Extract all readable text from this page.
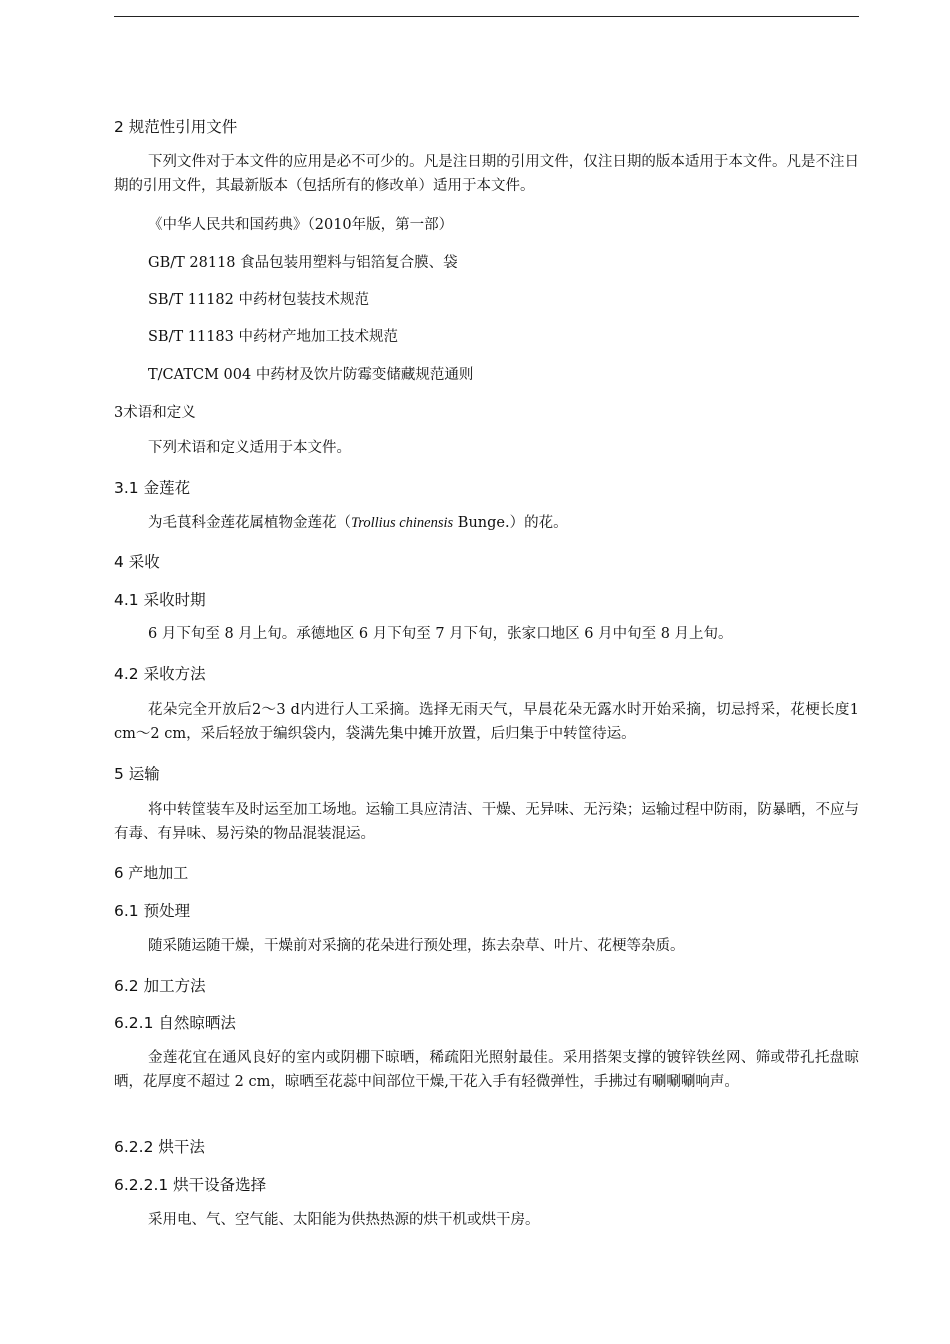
2 规范性引用文件
下列文件对于本文件的应用是必不可少的。凡是注日期的引用文件，仅注日期的版本适用于本文件。凡是不注日期的引用文件，其最新版本（包括所有的修改单）适用于本文件。
《中华人民共和国药典》（2010年版，第一部）
GB/T 28118 食品包装用塑料与铝箔复合膜、袋
SB/T 11182 中药材包装技术规范
SB/T 11183 中药材产地加工技术规范
T/CATCM 004 中药材及饮片防霉变储藏规范通则
3术语和定义
下列术语和定义适用于本文件。
3.1 金莲花
为毛茛科金莲花属植物金莲花（Trollius chinensis Bunge.）的花。
4 采收
4.1 采收时期
6 月下旬至 8 月上旬。承德地区 6 月下旬至 7 月下旬，张家口地区 6 月中旬至 8 月上旬。
4.2 采收方法
花朵完全开放后2～3 d内进行人工采摘。选择无雨天气，早晨花朵无露水时开始采摘，切忌捋采，花梗长度1 cm～2 cm，采后轻放于编织袋内，袋满先集中摊开放置，后归集于中转筐待运。
5 运输
将中转筐装车及时运至加工场地。运输工具应清洁、干燥、无异味、无污染；运输过程中防雨，防暴晒，不应与有毒、有异味、易污染的物品混装混运。
6 产地加工
6.1 预处理
随采随运随干燥，干燥前对采摘的花朵进行预处理，拣去杂草、叶片、花梗等杂质。
6.2 加工方法
6.2.1 自然晾晒法
金莲花宜在通风良好的室内或阴棚下晾晒，稀疏阳光照射最佳。采用搭架支撑的镀锌铁丝网、筛或带孔托盘晾晒，花厚度不超过 2 cm，晾晒至花蕊中间部位干燥,干花入手有轻微弹性，手拂过有唰唰唰响声。
6.2.2 烘干法
6.2.2.1 烘干设备选择
采用电、气、空气能、太阳能为供热热源的烘干机或烘干房。
